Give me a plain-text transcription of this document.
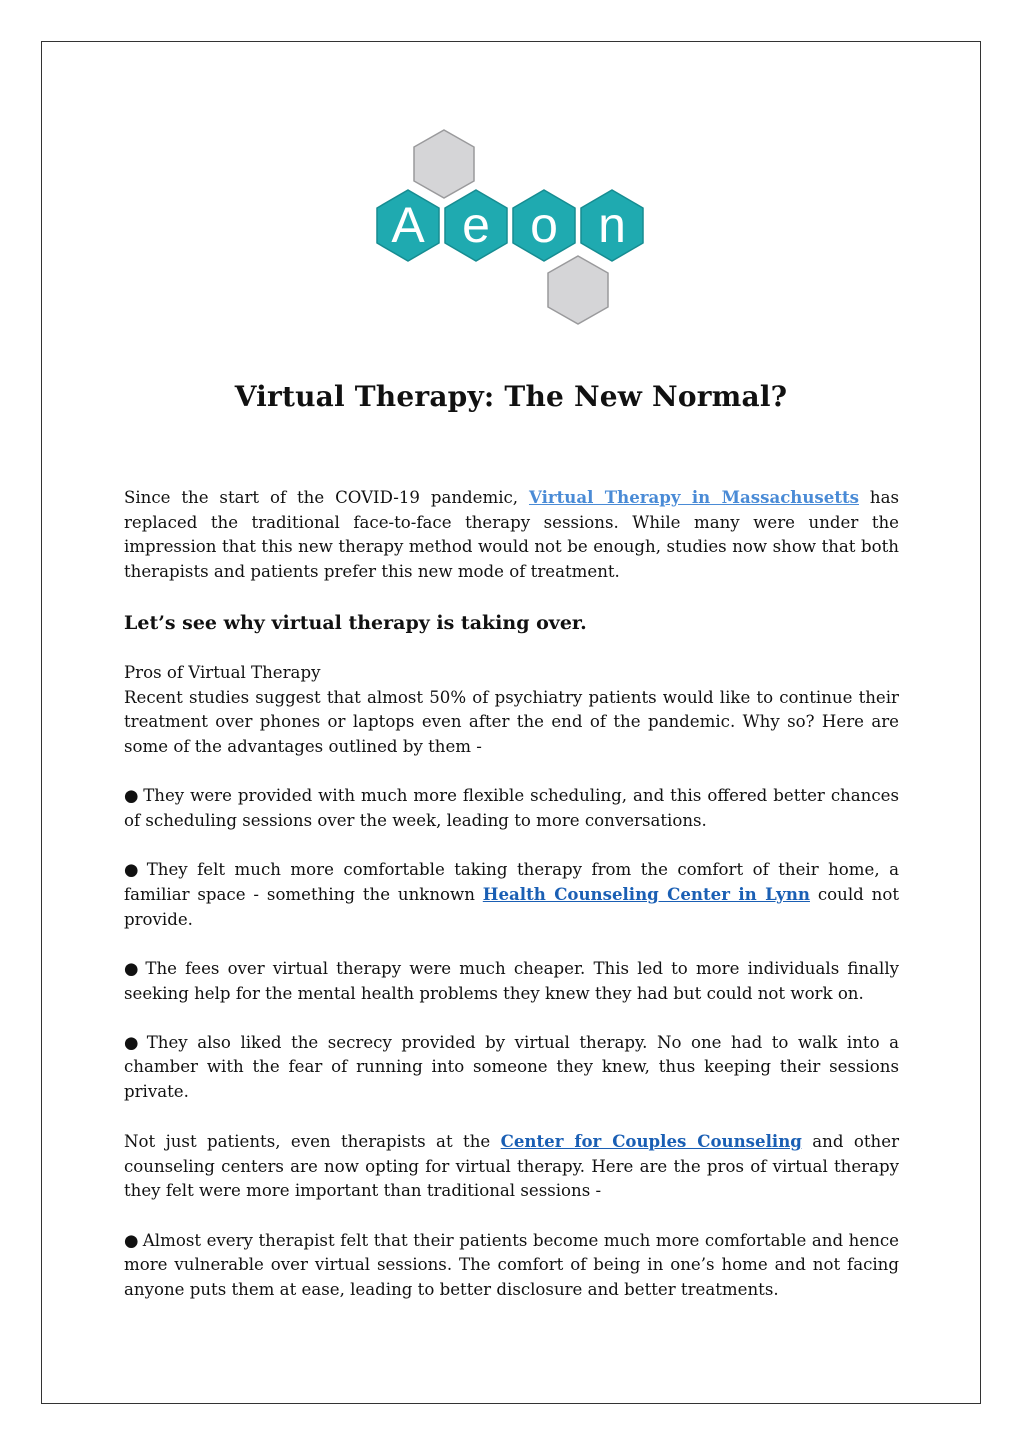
A e o n
Virtual Therapy: The New Normal?

Since the start of the COVID-19 pandemic, Virtual Therapy in Massachusetts has replaced the traditional face-to-face therapy sessions. While many were under the impression that this new therapy method would not be enough, studies now show that both therapists and patients prefer this new mode of treatment.

Let’s see why virtual therapy is taking over.

Pros of Virtual Therapy

Recent studies suggest that almost 50% of psychiatry patients would like to continue their treatment over phones or laptops even after the end of the pandemic. Why so? Here are some of the advantages outlined by them -

● They were provided with much more flexible scheduling, and this offered better chances of scheduling sessions over the week, leading to more conversations.

● They felt much more comfortable taking therapy from the comfort of their home, a familiar space - something the unknown Health Counseling Center in Lynn could not provide.

● The fees over virtual therapy were much cheaper. This led to more individuals finally seeking help for the mental health problems they knew they had but could not work on.

● They also liked the secrecy provided by virtual therapy. No one had to walk into a chamber with the fear of running into someone they knew, thus keeping their sessions private.

Not just patients, even therapists at the Center for Couples Counseling and other counseling centers are now opting for virtual therapy. Here are the pros of virtual therapy they felt were more important than traditional sessions -

● Almost every therapist felt that their patients become much more comfortable and hence more vulnerable over virtual sessions. The comfort of being in one’s home and not facing anyone puts them at ease, leading to better disclosure and better treatments.
